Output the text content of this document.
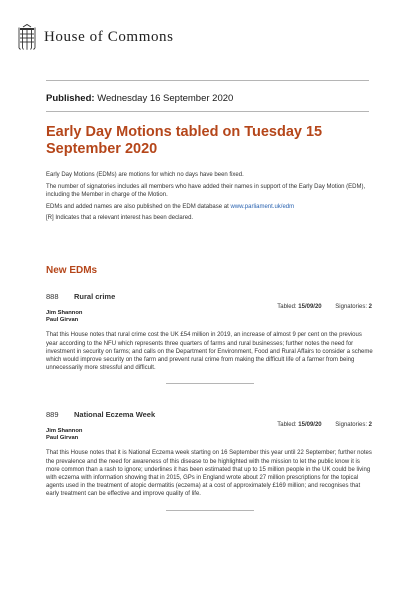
House of Commons
Published: Wednesday 16 September 2020
Early Day Motions tabled on Tuesday 15 September 2020

Early Day Motions (EDMs) are motions for which no days have been fixed.

The number of signatories includes all members who have added their names in support of the Early Day Motion (EDM), including the Member in charge of the Motion.

EDMs and added names are also published on the EDM database at www.parliament.uk/edm

[R] Indicates that a relevant interest has been declared.

New EDMs
888	Rural crime
Tabled: 15/09/20 Signatories: 2
Jim Shannon
Paul Girvan
That this House notes that rural crime cost the UK £54 million in 2019, an increase of almost 9 per cent on the previous year according to the NFU which represents three quarters of farms and rural businesses; further notes the need for investment in security on farms; and calls on the Department for Environment, Food and Rural Affairs to consider a scheme which would improve security on the farm and prevent rural crime from making the difficult life of a farmer from being unnecessarily more stressful and difficult.
889	National Eczema Week
Tabled: 15/09/20 Signatories: 2
Jim Shannon
Paul Girvan
That this House notes that it is National Eczema week starting on 16 September this year until 22 September; further notes the prevalence and the need for awareness of this disease to be highlighted with the mission to let the public know it is more common than a rash to ignore; underlines it has been estimated that up to 15 million people in the UK could be living with eczema with information showing that in 2015, GPs in England wrote about 27 million prescriptions for the topical agents used in the treatment of atopic dermatitis (eczema) at a cost of approximately £169 million; and recognises that early treatment can be effective and improve quality of life.
